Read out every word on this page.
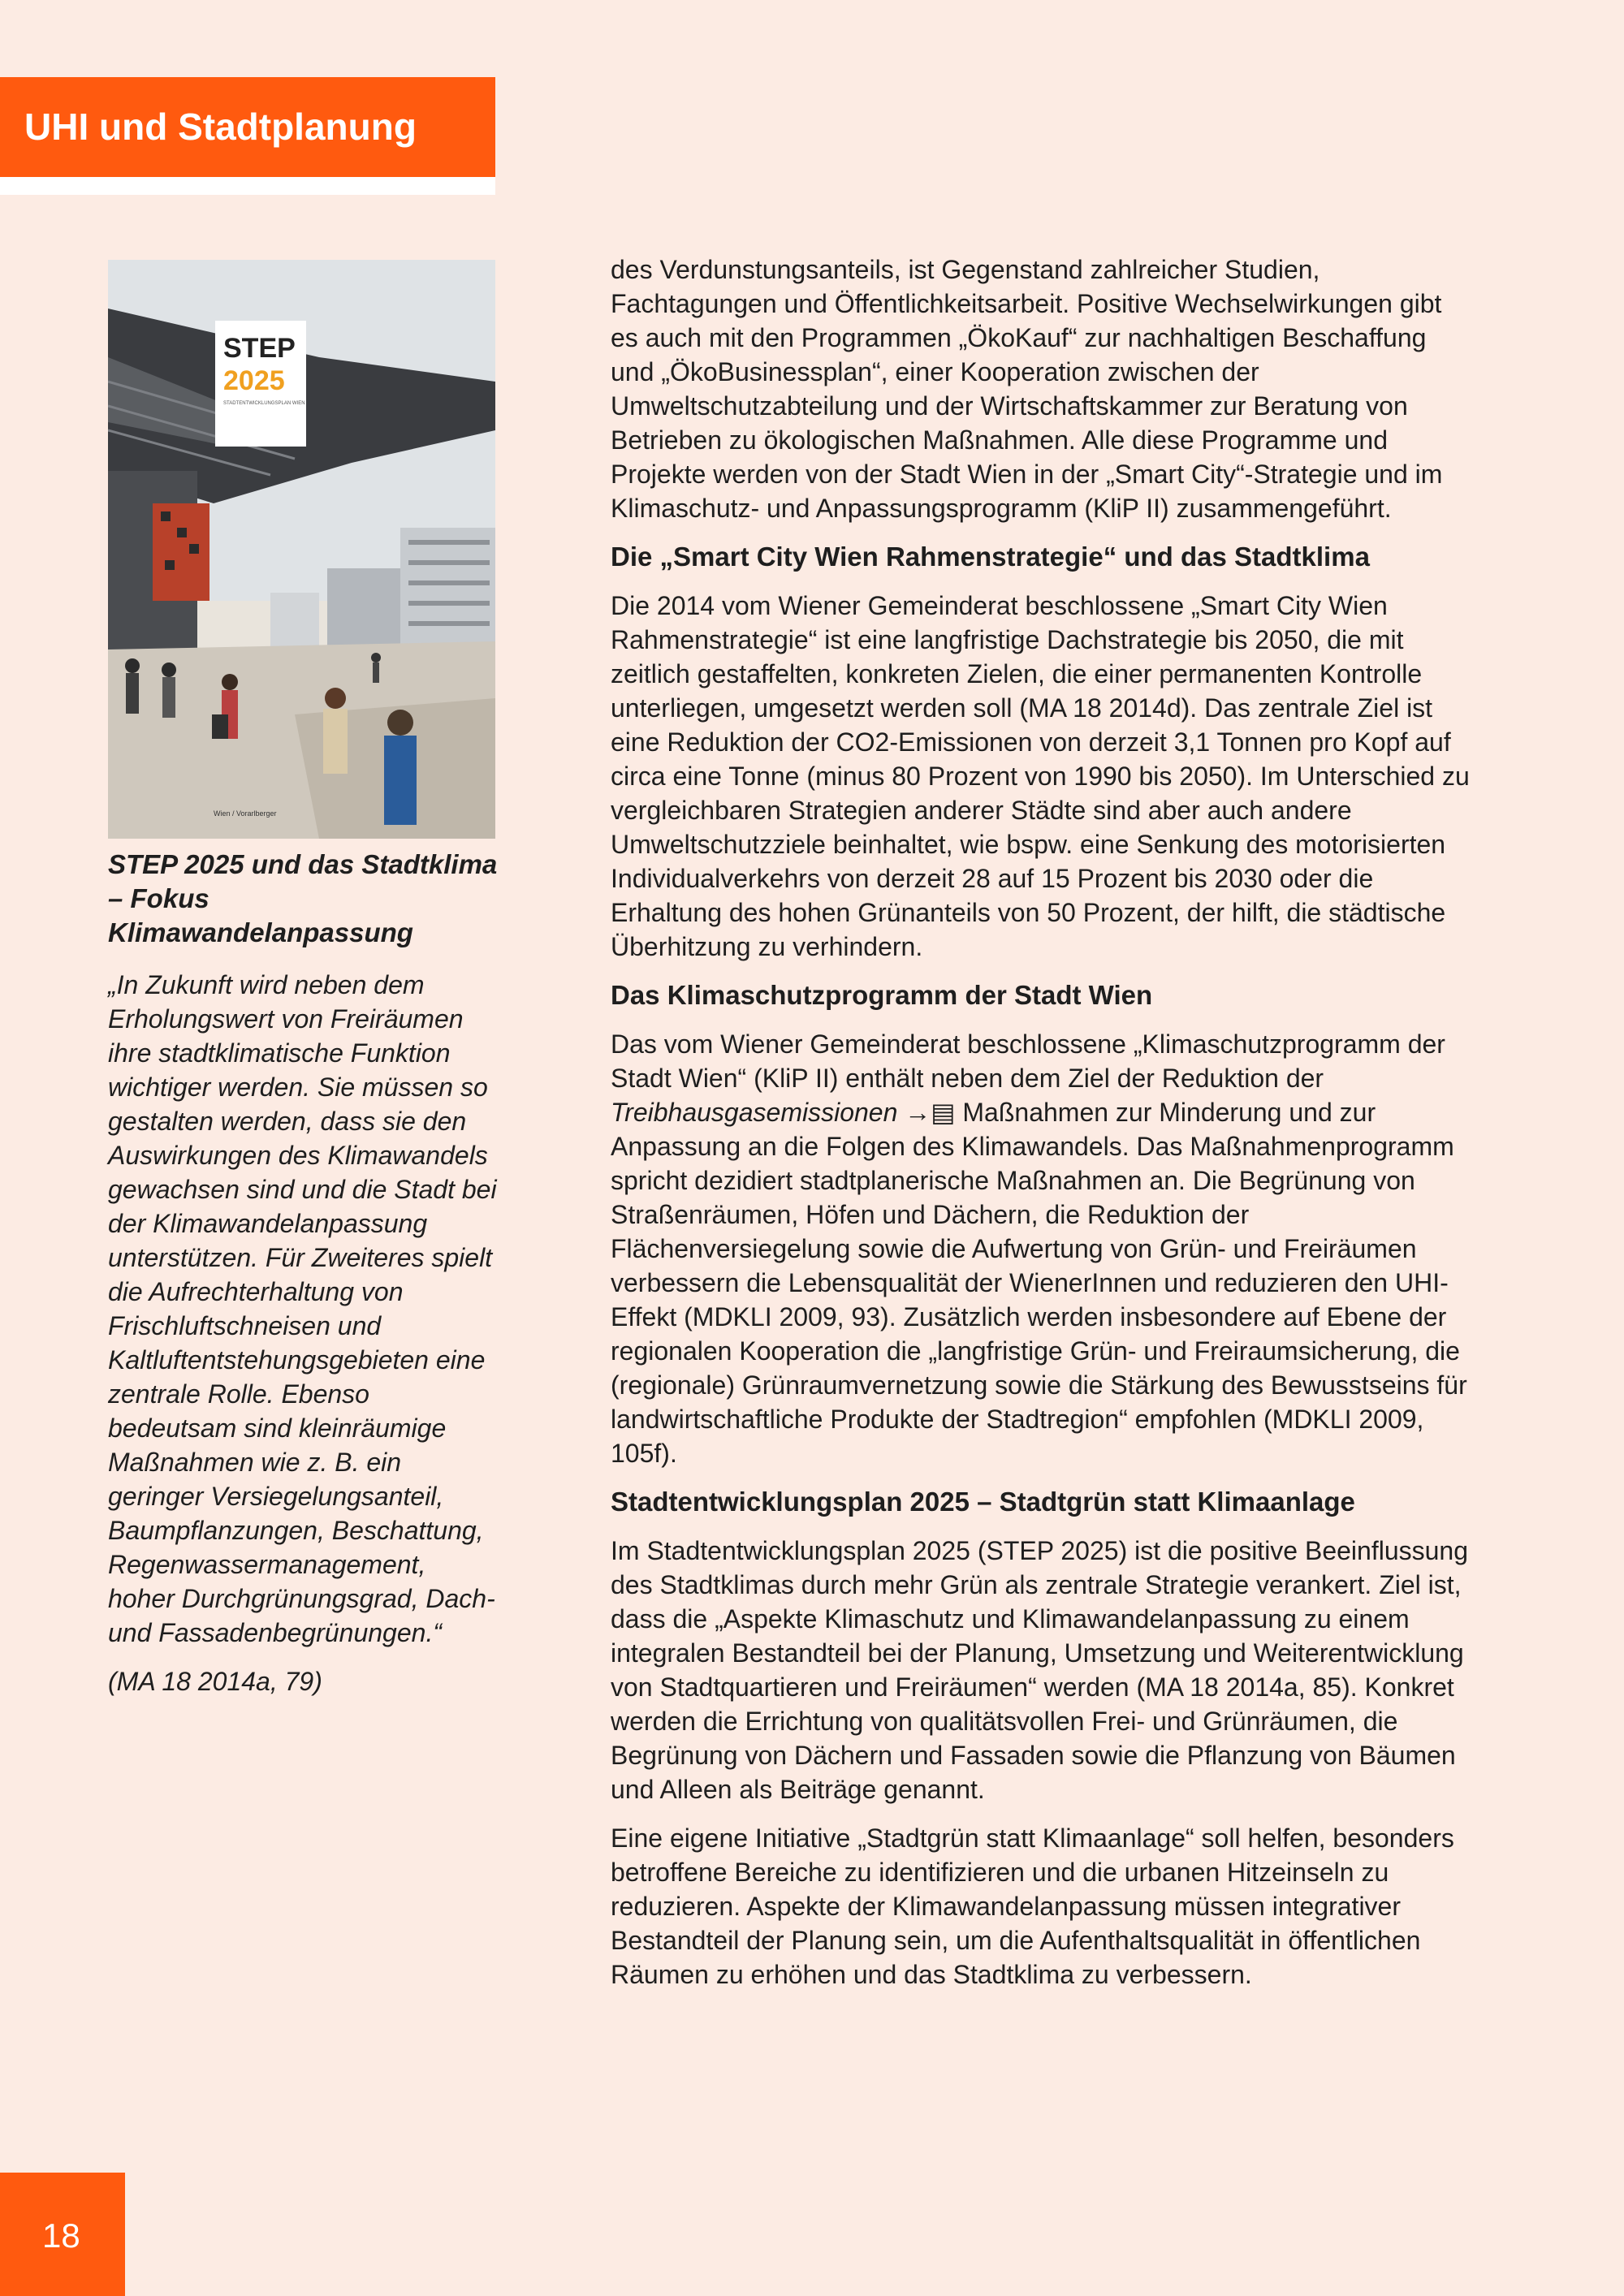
UHI und Stadtplanung
STEP
2025
STADTENTWICKLUNGSPLAN WIEN
Wien / Vorarlberger
STEP 2025 und das Stadtklima – Fokus Klimawandelanpassung

„In Zukunft wird neben dem Erholungswert von Freiräumen ihre stadtklimatische Funktion wichtiger werden. Sie müssen so gestalten werden, dass sie den Auswirkungen des Klimawandels gewachsen sind und die Stadt bei der Klimawandelanpassung unterstützen. Für Zweiteres spielt die Aufrechterhaltung von Frischluftschneisen und Kaltluftentstehungsgebieten eine zentrale Rolle. Ebenso bedeutsam sind kleinräumige Maßnahmen wie z. B. ein geringer Versiegelungsanteil, Baumpflanzungen, Beschattung, Regenwassermanagement, hoher Durchgrünungsgrad, Dach- und Fassadenbegrünungen.“

(MA 18 2014a, 79)

des Verdunstungsanteils, ist Gegenstand zahlreicher Studien, Fachtagungen und Öffentlichkeitsarbeit. Positive Wechselwirkungen gibt es auch mit den Programmen „ÖkoKauf“ zur nachhaltigen Beschaffung und „ÖkoBusinessplan“, einer Kooperation zwischen der Umweltschutzabteilung und der Wirtschaftskammer zur Beratung von Betrieben zu ökologischen Maßnahmen. Alle diese Programme und Projekte werden von der Stadt Wien in der „Smart City“-Strategie und im Klimaschutz- und Anpassungsprogramm (KliP II) zusammengeführt.

Die „Smart City Wien Rahmenstrategie“ und das Stadtklima

Die 2014 vom Wiener Gemeinderat beschlossene „Smart City Wien Rahmenstrategie“ ist eine langfristige Dachstrategie bis 2050, die mit zeitlich gestaffelten, konkreten Zielen, die einer permanenten Kontrolle unterliegen, umgesetzt werden soll (MA 18 2014d). Das zentrale Ziel ist eine Reduktion der CO2-Emissionen von derzeit 3,1 Tonnen pro Kopf auf circa eine Tonne (minus 80 Prozent von 1990 bis 2050). Im Unterschied zu vergleichbaren Strategien anderer Städte sind aber auch andere Umweltschutzziele beinhaltet, wie bspw. eine Senkung des motorisierten Individualverkehrs von derzeit 28 auf 15 Prozent bis 2030 oder die Erhaltung des hohen Grünanteils von 50 Prozent, der hilft, die städtische Überhitzung zu verhindern.

Das Klimaschutzprogramm der Stadt Wien

Das vom Wiener Gemeinderat beschlossene „Klimaschutzprogramm der Stadt Wien“ (KliP II) enthält neben dem Ziel der Reduktion der Treibhausgasemissionen →▤ Maßnahmen zur Minderung und zur Anpassung an die Folgen des Klimawandels. Das Maßnahmenprogramm spricht dezidiert stadtplanerische Maßnahmen an. Die Begrünung von Straßenräumen, Höfen und Dächern, die Reduktion der Flächenversiegelung sowie die Aufwertung von Grün- und Freiräumen verbessern die Lebensqualität der WienerInnen und reduzieren den UHI-Effekt (MDKLI 2009, 93). Zusätzlich werden insbesondere auf Ebene der regionalen Kooperation die „langfristige Grün- und Freiraumsicherung, die (regionale) Grünraumvernetzung sowie die Stärkung des Bewusstseins für landwirtschaftliche Produkte der Stadtregion“ empfohlen (MDKLI 2009, 105f).

Stadtentwicklungsplan 2025 – Stadtgrün statt Klimaanlage

Im Stadtentwicklungsplan 2025 (STEP 2025) ist die positive Beeinflussung des Stadtklimas durch mehr Grün als zentrale Strategie verankert. Ziel ist, dass die „Aspekte Klimaschutz und Klimawandelanpassung zu einem integralen Bestandteil bei der Planung, Umsetzung und Weiterentwicklung von Stadtquartieren und Freiräumen“ werden (MA 18 2014a, 85). Konkret werden die Errichtung von qualitätsvollen Frei- und Grünräumen, die Begrünung von Dächern und Fassaden sowie die Pflanzung von Bäumen und Alleen als Beiträge genannt.

Eine eigene Initiative „Stadtgrün statt Klimaanlage“ soll helfen, besonders betroffene Bereiche zu identifizieren und die urbanen Hitzeinseln zu reduzieren. Aspekte der Klimawandelanpassung müssen integrativer Bestandteil der Planung sein, um die Aufenthaltsqualität in öffentlichen Räumen zu erhöhen und das Stadtklima zu verbessern.

18
